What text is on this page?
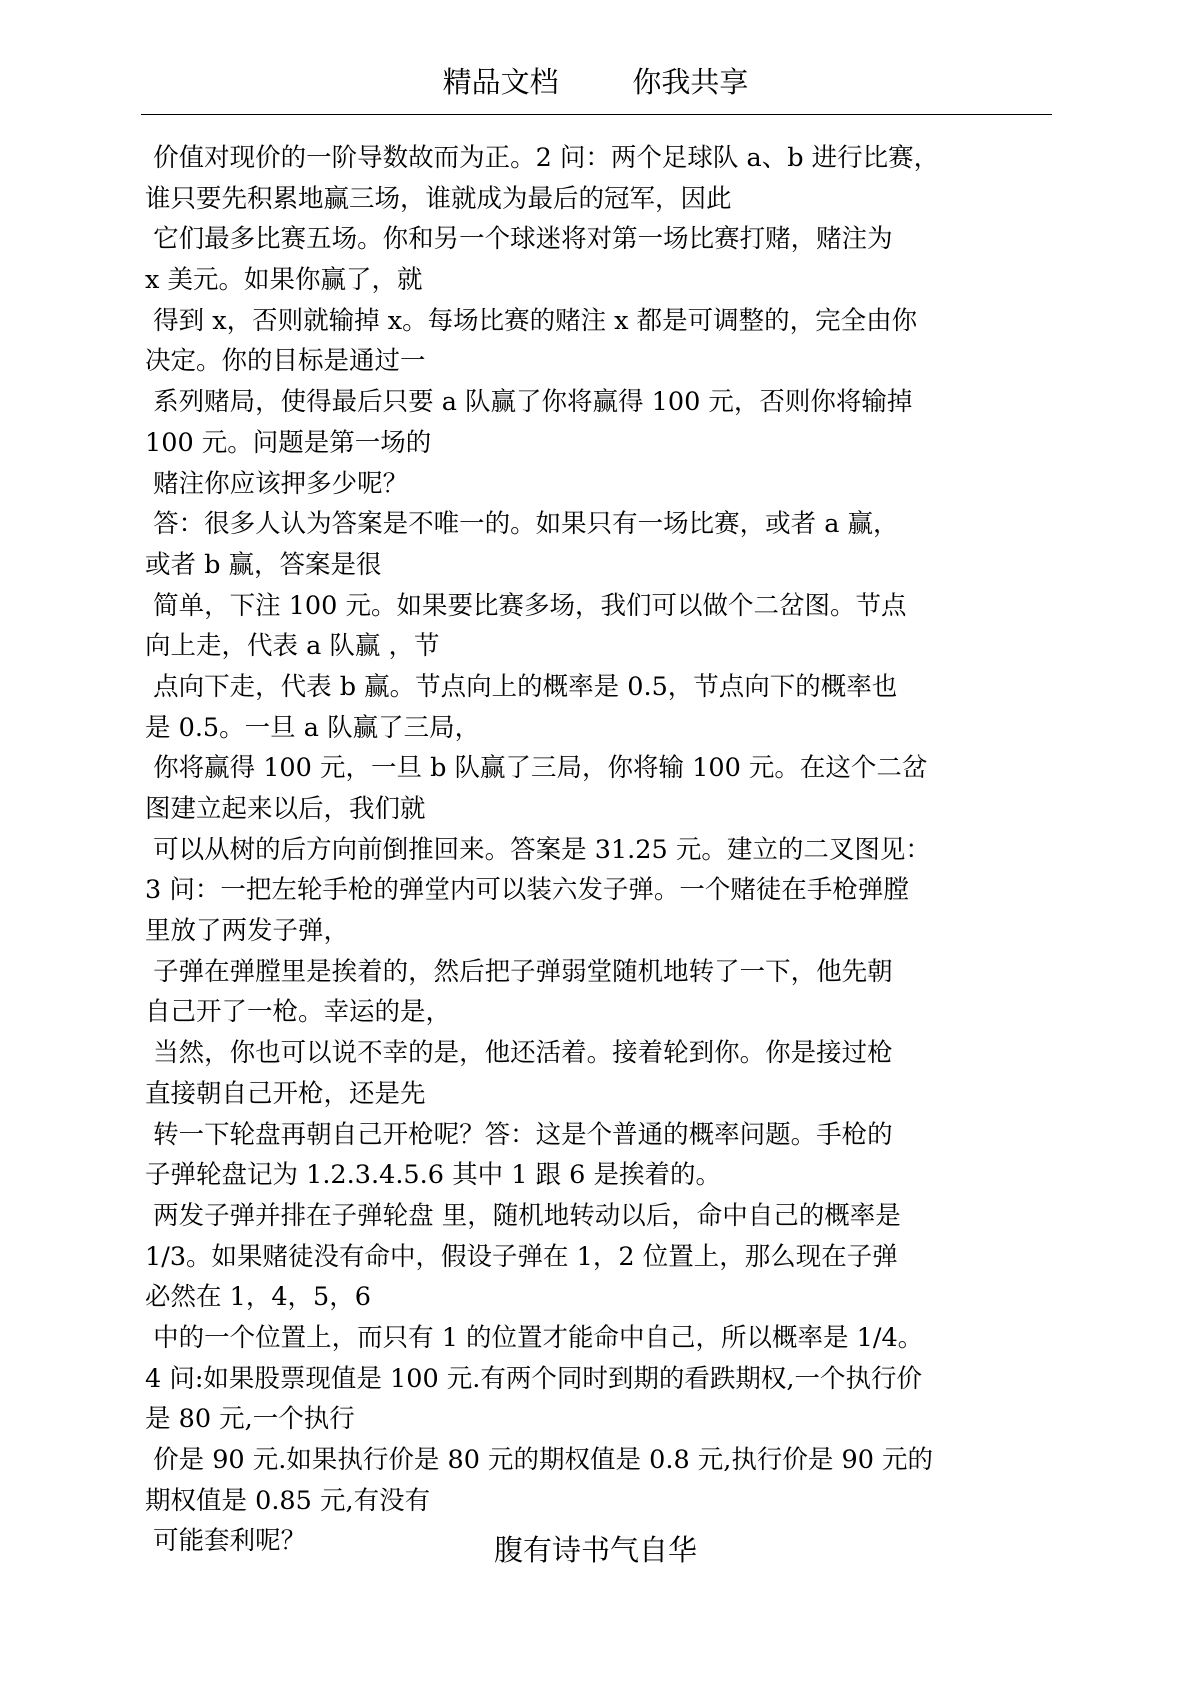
精品文档        你我共享
价值对现价的一阶导数故而为正。2 问：两个足球队 a、b 进行比赛，
谁只要先积累地赢三场，谁就成为最后的冠军，因此
它们最多比赛五场。你和另一个球迷将对第一场比赛打赌，赌注为
x 美元。如果你赢了，就
得到 x，否则就输掉 x。每场比赛的赌注 x 都是可调整的，完全由你
决定。你的目标是通过一
系列赌局，使得最后只要 a 队赢了你将赢得 100 元，否则你将输掉
100 元。问题是第一场的
赌注你应该押多少呢？
答：很多人认为答案是不唯一的。如果只有一场比赛，或者 a 赢，
或者 b 赢，答案是很
简单，下注 100 元。如果要比赛多场，我们可以做个二岔图。节点
向上走，代表 a 队赢 ，节
点向下走，代表 b 赢。节点向上的概率是 0.5，节点向下的概率也
是 0.5。一旦 a 队赢了三局，
你将赢得 100 元，一旦 b 队赢了三局，你将输 100 元。在这个二岔
图建立起来以后，我们就
可以从树的后方向前倒推回来。答案是 31.25 元。建立的二叉图见：
3 问：一把左轮手枪的弹堂内可以装六发子弹。一个赌徒在手枪弹膛
里放了两发子弹，
子弹在弹膛里是挨着的，然后把子弹弱堂随机地转了一下，他先朝
自己开了一枪。幸运的是，
当然，你也可以说不幸的是，他还活着。接着轮到你。你是接过枪
直接朝自己开枪，还是先
转一下轮盘再朝自己开枪呢？答：这是个普通的概率问题。手枪的
子弹轮盘记为 1.2.3.4.5.6 其中 1 跟 6 是挨着的。
两发子弹并排在子弹轮盘 里，随机地转动以后，命中自己的概率是
1/3。如果赌徒没有命中，假设子弹在 1，2 位置上，那么现在子弹
必然在 1，4，5，6
中的一个位置上，而只有 1 的位置才能命中自己，所以概率是 1/4。
4 问:如果股票现值是 100 元.有两个同时到期的看跌期权,一个执行价
是 80 元,一个执行
价是 90 元.如果执行价是 80 元的期权值是 0.8 元,执行价是 90 元的
期权值是 0.85 元,有没有
可能套利呢？	腹有诗书气自华
